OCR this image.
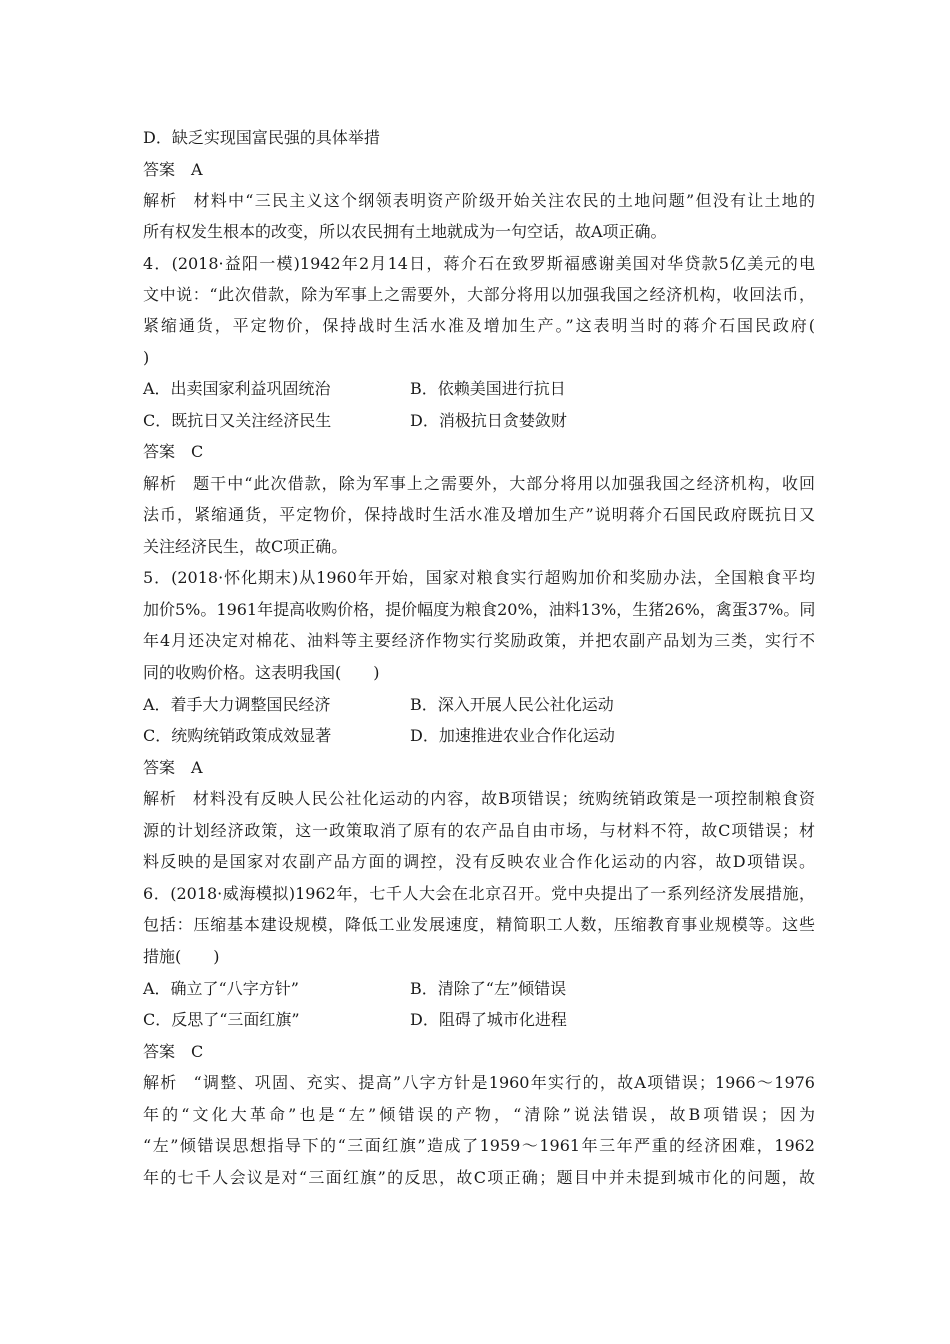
D．缺乏实现国富民强的具体举措
答案 A
解析 材料中“三民主义这个纲领表明资产阶级开始关注农民的土地问题”但没有让土地的
所有权发生根本的改变，所以农民拥有土地就成为一句空话，故A项正确。
4．(2018·益阳一模)1942年2月14日，蒋介石在致罗斯福感谢美国对华贷款5亿美元的电
文中说：“此次借款，除为军事上之需要外，大部分将用以加强我国之经济机构，收回法币，
紧缩通货，平定物价，保持战时生活水准及增加生产。”这表明当时的蒋介石国民政府(
)
A．出卖国家利益巩固统治	B．依赖美国进行抗日
C．既抗日又关注经济民生	D．消极抗日贪婪敛财
答案 C
解析 题干中“此次借款，除为军事上之需要外，大部分将用以加强我国之经济机构，收回
法币，紧缩通货，平定物价，保持战时生活水准及增加生产”说明蒋介石国民政府既抗日又
关注经济民生，故C项正确。
5．(2018·怀化期末)从1960年开始，国家对粮食实行超购加价和奖励办法，全国粮食平均
加价5%。1961年提高收购价格，提价幅度为粮食20%，油料13%，生猪26%，禽蛋37%。同
年4月还决定对棉花、油料等主要经济作物实行奖励政策，并把农副产品划为三类，实行不
同的收购价格。这表明我国(　　)
A．着手大力调整国民经济	B．深入开展人民公社化运动
C．统购统销政策成效显著	D．加速推进农业合作化运动
答案 A
解析 材料没有反映人民公社化运动的内容，故B项错误；统购统销政策是一项控制粮食资
源的计划经济政策，这一政策取消了原有的农产品自由市场，与材料不符，故C项错误；材
料反映的是国家对农副产品方面的调控，没有反映农业合作化运动的内容，故D项错误。
6．(2018·威海模拟)1962年，七千人大会在北京召开。党中央提出了一系列经济发展措施，
包括：压缩基本建设规模，降低工业发展速度，精简职工人数，压缩教育事业规模等。这些
措施(　　)
A．确立了“八字方针”	B．清除了“左”倾错误
C．反思了“三面红旗”	D．阻碍了城市化进程
答案 C
解析 “调整、巩固、充实、提高”八字方针是1960年实行的，故A项错误；1966～1976
年的“文化大革命”也是“左”倾错误的产物，“清除”说法错误，故B项错误；因为
“左”倾错误思想指导下的“三面红旗”造成了1959～1961年三年严重的经济困难，1962
年的七千人会议是对“三面红旗”的反思，故C项正确；题目中并未提到城市化的问题，故
